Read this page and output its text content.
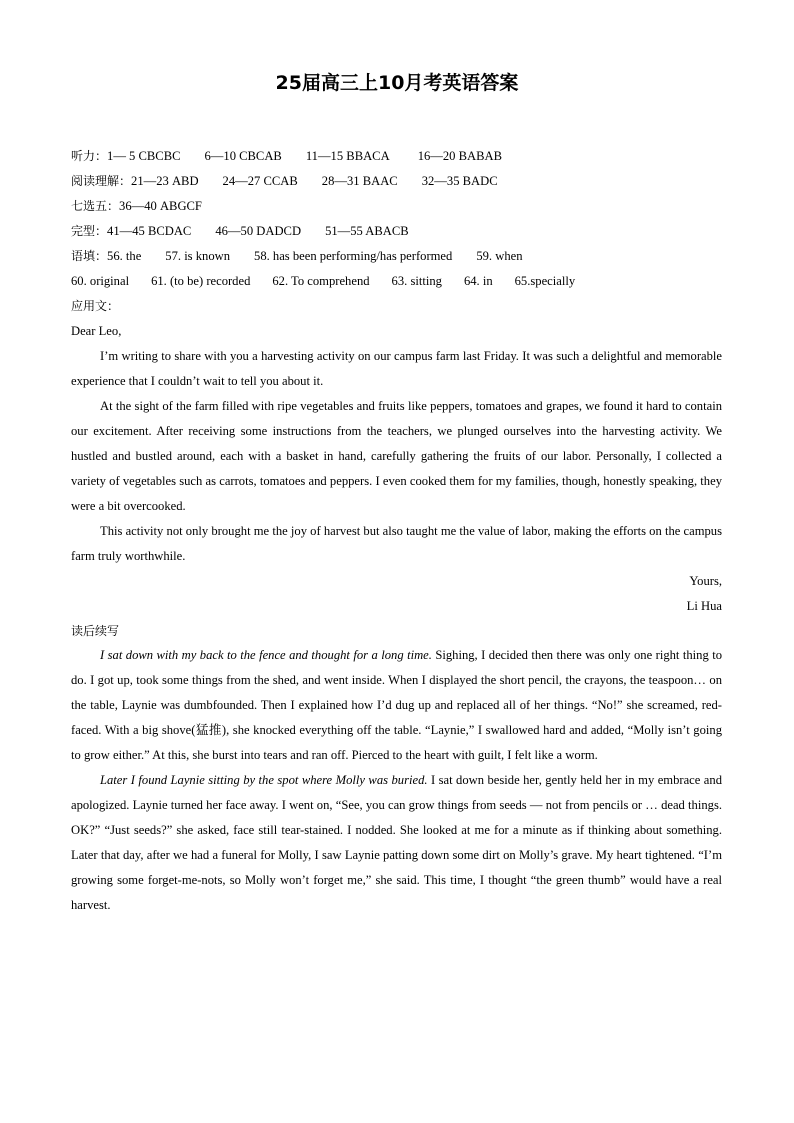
25届高三上10月考英语答案
听力：1— 5 CBCBC 6—10 CBCAB 11—15 BBACA 16—20 BABAB
阅读理解：21—23 ABD 24—27 CCAB 28—31 BAAC 32—35 BADC
七选五：36—40 ABGCF
完型：41—45 BCDAC 46—50 DADCD 51—55 ABACB
语填：56. the 57. is known 58. has been performing/has performed 59. when
60. original 61. (to be) recorded 62. To comprehend 63. sitting 64. in 65.specially
应用文：
Dear Leo,

I’m writing to share with you a harvesting activity on our campus farm last Friday. It was such a delightful and memorable experience that I couldn’t wait to tell you about it.

At the sight of the farm filled with ripe vegetables and fruits like peppers, tomatoes and grapes, we found it hard to contain our excitement. After receiving some instructions from the teachers, we plunged ourselves into the harvesting activity. We hustled and bustled around, each with a basket in hand, carefully gathering the fruits of our labor. Personally, I collected a variety of vegetables such as carrots, tomatoes and peppers. I even cooked them for my families, though, honestly speaking, they were a bit overcooked.

This activity not only brought me the joy of harvest but also taught me the value of labor, making the efforts on the campus farm truly worthwhile.

Yours,
Li Hua
读后续写

I sat down with my back to the fence and thought for a long time. Sighing, I decided then there was only one right thing to do. I got up, took some things from the shed, and went inside. When I displayed the short pencil, the crayons, the teaspoon… on the table, Laynie was dumbfounded. Then I explained how I’d dug up and replaced all of her things. “No!” she screamed, red-faced. With a big shove(猛推), she knocked everything off the table. “Laynie,” I swallowed hard and added, “Molly isn’t going to grow either.” At this, she burst into tears and ran off. Pierced to the heart with guilt, I felt like a worm.

Later I found Laynie sitting by the spot where Molly was buried. I sat down beside her, gently held her in my embrace and apologized. Laynie turned her face away. I went on, “See, you can grow things from seeds — not from pencils or … dead things. OK?” “Just seeds?” she asked, face still tear-stained. I nodded. She looked at me for a minute as if thinking about something. Later that day, after we had a funeral for Molly, I saw Laynie patting down some dirt on Molly’s grave. My heart tightened. “I’m growing some forget-me-nots, so Molly won’t forget me,” she said. This time, I thought “the green thumb” would have a real harvest.
